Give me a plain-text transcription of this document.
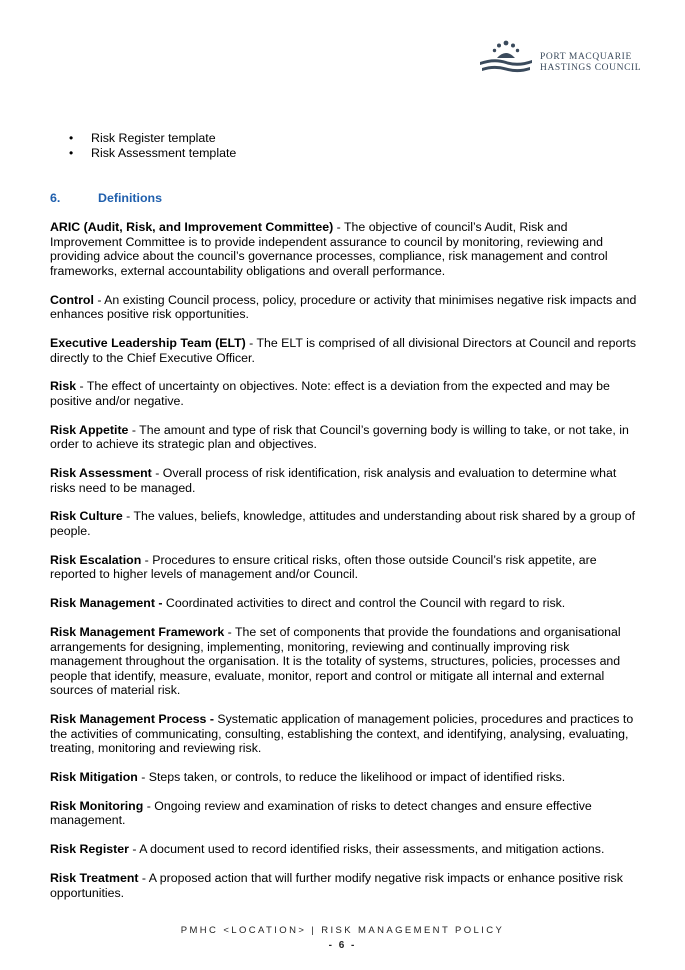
PORT MACQUARIE
HASTINGS COUNCIL
• Risk Register template
• Risk Assessment template
6.	Definitions

ARIC (Audit, Risk, and Improvement Committee) - The objective of council’s Audit, Risk and Improvement Committee is to provide independent assurance to council by monitoring, reviewing and providing advice about the council’s governance processes, compliance, risk management and control frameworks, external accountability obligations and overall performance.

Control - An existing Council process, policy, procedure or activity that minimises negative risk impacts and enhances positive risk opportunities.

Executive Leadership Team (ELT) - The ELT is comprised of all divisional Directors at Council and reports directly to the Chief Executive Officer.

Risk - The effect of uncertainty on objectives. Note: effect is a deviation from the expected and may be positive and/or negative.

Risk Appetite - The amount and type of risk that Council’s governing body is willing to take, or not take, in order to achieve its strategic plan and objectives.

Risk Assessment - Overall process of risk identification, risk analysis and evaluation to determine what risks need to be managed.

Risk Culture - The values, beliefs, knowledge, attitudes and understanding about risk shared by a group of people.

Risk Escalation - Procedures to ensure critical risks, often those outside Council’s risk appetite, are reported to higher levels of management and/or Council.

Risk Management - Coordinated activities to direct and control the Council with regard to risk.

Risk Management Framework - The set of components that provide the foundations and organisational arrangements for designing, implementing, monitoring, reviewing and continually improving risk management throughout the organisation. It is the totality of systems, structures, policies, processes and people that identify, measure, evaluate, monitor, report and control or mitigate all internal and external sources of material risk.

Risk Management Process - Systematic application of management policies, procedures and practices to the activities of communicating, consulting, establishing the context, and identifying, analysing, evaluating, treating, monitoring and reviewing risk.

Risk Mitigation - Steps taken, or controls, to reduce the likelihood or impact of identified risks.

Risk Monitoring - Ongoing review and examination of risks to detect changes and ensure effective management.

Risk Register - A document used to record identified risks, their assessments, and mitigation actions.

Risk Treatment - A proposed action that will further modify negative risk impacts or enhance positive risk opportunities.

PMHC <LOCATION> | RISK MANAGEMENT POLICY
- 6 -
